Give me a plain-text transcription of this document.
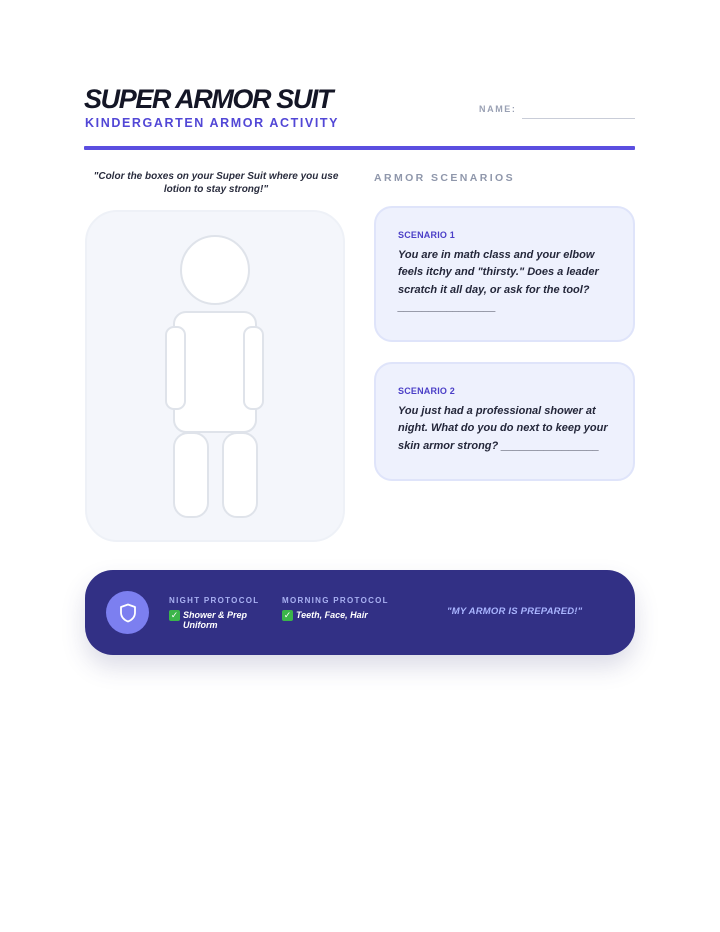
SUPER ARMOR SUIT
KINDERGARTEN ARMOR ACTIVITY
NAME:
"Color the boxes on your Super Suit where you use lotion to stay strong!"
ARMOR SCENARIOS
SCENARIO 1
You are in math class and your elbow feels itchy and "thirsty." Does a leader scratch it all day, or ask for the tool? ________________
SCENARIO 2
You just had a professional shower at night. What do you do next to keep your skin armor strong? ________________
NIGHT PROTOCOL
✓ Shower & Prep Uniform
MORNING PROTOCOL
✓ Teeth, Face, Hair	"MY ARMOR IS PREPARED!"
